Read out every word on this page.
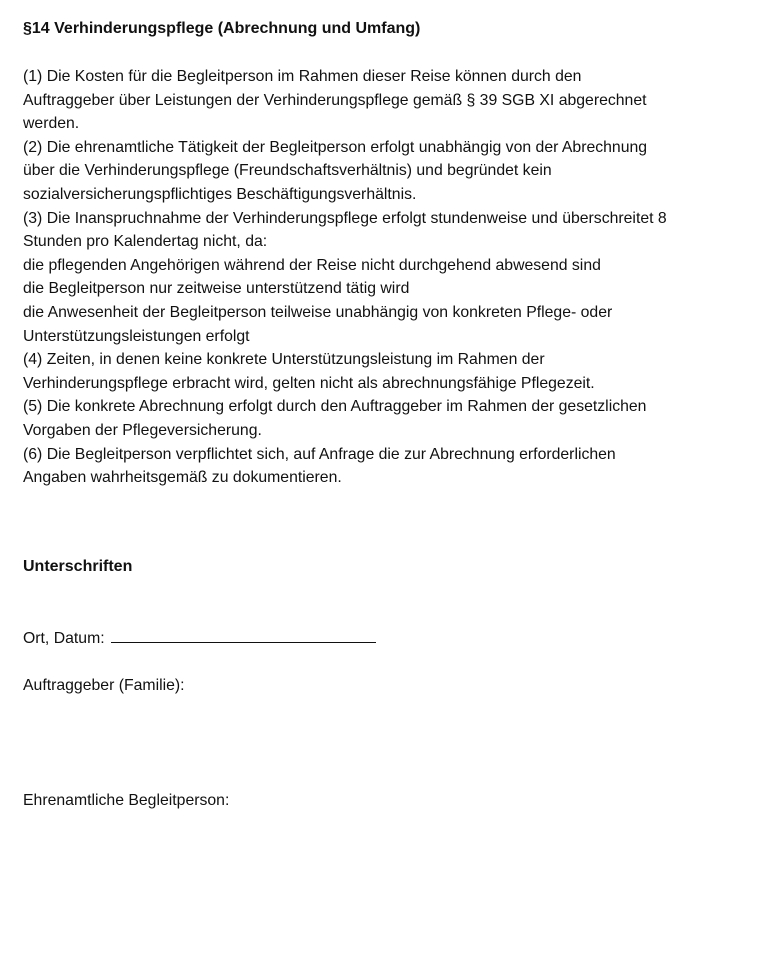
§14 Verhinderungspflege (Abrechnung und Umfang)
(1) Die Kosten für die Begleitperson im Rahmen dieser Reise können durch den
Auftraggeber über Leistungen der Verhinderungspflege gemäß § 39 SGB XI abgerechnet
werden.
(2) Die ehrenamtliche Tätigkeit der Begleitperson erfolgt unabhängig von der Abrechnung
über die Verhinderungspflege (Freundschaftsverhältnis) und begründet kein
sozialversicherungspflichtiges Beschäftigungsverhältnis.
(3) Die Inanspruchnahme der Verhinderungspflege erfolgt stundenweise und überschreitet 8
Stunden pro Kalendertag nicht, da:
die pflegenden Angehörigen während der Reise nicht durchgehend abwesend sind
die Begleitperson nur zeitweise unterstützend tätig wird
die Anwesenheit der Begleitperson teilweise unabhängig von konkreten Pflege- oder
Unterstützungsleistungen erfolgt
(4) Zeiten, in denen keine konkrete Unterstützungsleistung im Rahmen der
Verhinderungspflege erbracht wird, gelten nicht als abrechnungsfähige Pflegezeit.
(5) Die konkrete Abrechnung erfolgt durch den Auftraggeber im Rahmen der gesetzlichen
Vorgaben der Pflegeversicherung.
(6) Die Begleitperson verpflichtet sich, auf Anfrage die zur Abrechnung erforderlichen
Angaben wahrheitsgemäß zu dokumentieren.
Unterschriften
Ort, Datum:
Auftraggeber (Familie):
Ehrenamtliche Begleitperson:
